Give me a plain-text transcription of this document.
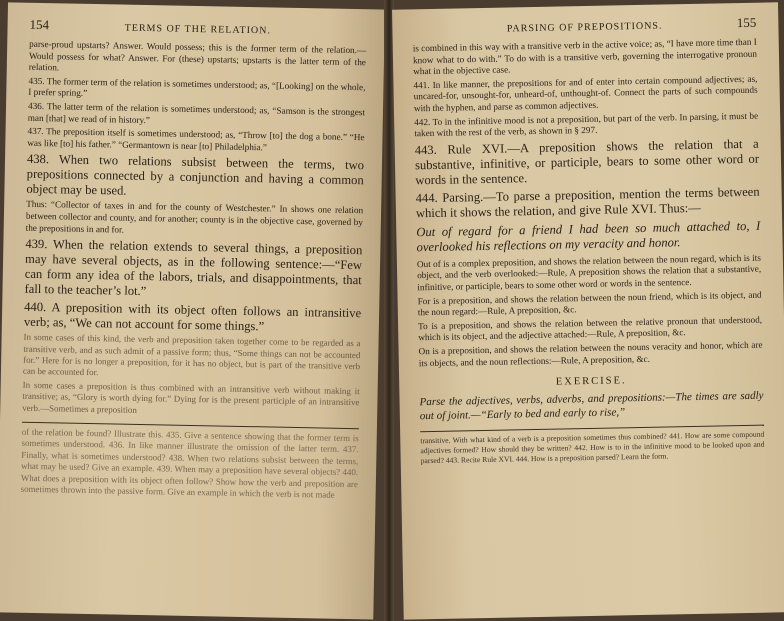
154	TERMS OF THE RELATION.

parse-proud upstarts? Answer. Would possess; this is the former term of the relation.—Would possess for what? Answer. For (these) upstarts; upstarts is the latter term of the relation.

435. The former term of the relation is sometimes understood; as, “[Looking] on the whole, I prefer spring.”

436. The latter term of the relation is sometimes understood; as, “Samson is the strongest man [that] we read of in history.”

437. The preposition itself is sometimes understood; as, “Throw [to] the dog a bone.” “He was like [to] his father.” “Germantown is near [to] Philadelphia.”

438. When two relations subsist between the terms, two prepositions connected by a conjunction and having a common object may be used.

Thus: “Collector of taxes in and for the county of Westchester.” In shows one relation between collector and county, and for another; county is in the objective case, governed by the prepositions in and for.

439. When the relation extends to several things, a preposition may have several objects, as in the following sentence:—“Few can form any idea of the labors, trials, and disappointments, that fall to the teacher’s lot.”

440. A preposition with its object often follows an intransitive verb; as, “We can not account for some things.”

In some cases of this kind, the verb and preposition taken together come to be regarded as a transitive verb, and as such admit of a passive form; thus, “Some things can not be accounted for.” Here for is no longer a preposition, for it has no object, but is part of the transitive verb can be accounted for.

In some cases a preposition is thus combined with an intransitive verb without making it transitive; as, “Glory is worth dying for.” Dying for is the present participle of an intransitive verb.—Sometimes a preposition

of the relation be found? Illustrate this. 435. Give a sentence showing that the former term is sometimes understood. 436. In like manner illustrate the omission of the latter term. 437. Finally, what is sometimes understood? 438. When two relations subsist between the terms, what may be used? Give an example. 439. When may a preposition have several objects? 440. What does a preposition with its object often follow? Show how the verb and preposition are sometimes thrown into the passive form. Give an example in which the verb is not made

PARSING OF PREPOSITIONS.	155

is combined in this way with a transitive verb in the active voice; as, “I have more time than I know what to do with.” To do with is a transitive verb, governing the interrogative pronoun what in the objective case.

441. In like manner, the prepositions for and of enter into certain compound adjectives; as, uncared-for, unsought-for, unheard-of, unthought-of. Connect the parts of such compounds with the hyphen, and parse as common adjectives.

442. To in the infinitive mood is not a preposition, but part of the verb. In parsing, it must be taken with the rest of the verb, as shown in § 297.

443. Rule XVI.—A preposition shows the relation that a substantive, infinitive, or participle, bears to some other word or words in the sentence.

444. Parsing.—To parse a preposition, mention the terms between which it shows the relation, and give Rule XVI. Thus:—

Out of regard for a friend I had been so much attached to, I overlooked his reflections on my veracity and honor.

Out of is a complex preposition, and shows the relation between the noun regard, which is its object, and the verb overlooked:—Rule, A preposition shows the relation that a substantive, infinitive, or participle, bears to some other word or words in the sentence.

For is a preposition, and shows the relation between the noun friend, which is its object, and the noun regard:—Rule, A preposition, &c.

To is a preposition, and shows the relation between the relative pronoun that understood, which is its object, and the adjective attached:—Rule, A preposition, &c.

On is a preposition, and shows the relation between the nouns veracity and honor, which are its objects, and the noun reflections:—Rule, A preposition, &c.

EXERCISE.

Parse the adjectives, verbs, adverbs, and prepositions:—The times are sadly out of joint.—“Early to bed and early to rise,”

transitive. With what kind of a verb is a preposition sometimes thus combined? 441. How are some compound adjectives formed? How should they be written? 442. How is to in the infinitive mood to be looked upon and parsed? 443. Recite Rule XVI. 444. How is a preposition parsed? Learn the form.
